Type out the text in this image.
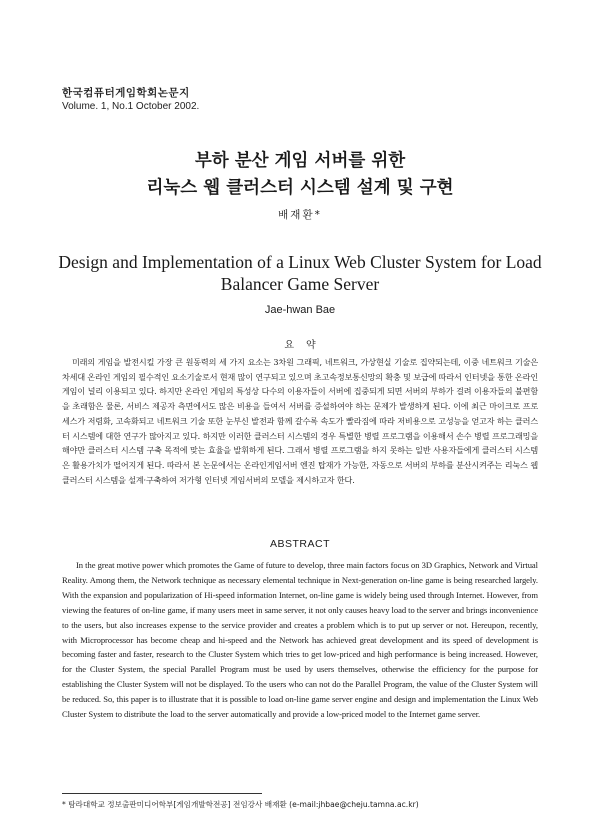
한국컴퓨터게임학회논문지
Volume. 1, No.1 October 2002.
부하 분산 게임 서버를 위한
리눅스 웹 클러스터 시스템 설계 및 구현
배재환*
Design and Implementation of a Linux Web Cluster System for Load
Balancer Game Server
Jae-hwan Bae
요약

미래의 게임을 발전시킬 가장 큰 원동력의 세 가지 요소는 3차원 그래픽, 네트워크, 가상현실 기술로 집약되는데, 이중 네트워크 기술은 차세대 온라인 게임의 필수적인 요소기술로서 현재 많이 연구되고 있으며 초고속정보통신망의 확충 및 보급에 따라서 인터넷을 통한 온라인 게임이 널리 이용되고 있다. 하지만 온라인 게임의 특성상 다수의 이용자들이 서버에 집중되게 되면 서버의 부하가 걸려 이용자들의 불편함을 초래함은 물론, 서비스 제공자 측면에서도 많은 비용을 들여서 서버를 증설하여야 하는 문제가 발생하게 된다. 이에 최근 마이크로 프로세스가 저렴화, 고속화되고 네트워크 기술 또한 눈부신 발전과 함께 갈수록 속도가 빨라짐에 따라 저비용으로 고성능을 얻고자 하는 클러스터 시스템에 대한 연구가 많아지고 있다. 하지만 이러한 클러스터 시스템의 경우 특별한 병렬 프로그램을 이용해서 손수 병렬 프로그래밍을 해야만 클러스터 시스템 구축 목적에 맞는 효율을 발휘하게 된다. 그래서 병렬 프로그램을 하지 못하는 일반 사용자들에게 클러스터 시스템은 활용가치가 떨어지게 된다. 따라서 본 논문에서는 온라인게임서버 엔진 탑재가 가능한, 자동으로 서버의 부하를 분산시켜주는 리눅스 웹 클러스터 시스템을 설계·구축하여 저가형 인터넷 게임서버의 모델을 제시하고자 한다.

ABSTRACT

In the great motive power which promotes the Game of future to develop, three main factors focus on 3D Graphics, Network and Virtual Reality. Among them, the Network technique as necessary elemental technique in Next-generation on-line game is being researched largely. With the expansion and popularization of Hi-speed information Internet, on-line game is widely being used through Internet. However, from viewing the features of on-line game, if many users meet in same server, it not only causes heavy load to the server and brings inconvenience to the users, but also increases expense to the service provider and creates a problem which is to put up server or not. Hereupon, recently, with Microprocessor has become cheap and hi-speed and the Network has achieved great development and its speed of development is becoming faster and faster, research to the Cluster System which tries to get low-priced and high performance is being increased. However, for the Cluster System, the special Parallel Program must be used by users themselves, otherwise the efficiency for the purpose for establishing the Cluster System will not be displayed. To the users who can not do the Parallel Program, the value of the Cluster System will be reduced. So, this paper is to illustrate that it is possible to load on-line game server engine and design and implementation the Linux Web Cluster System to distribute the load to the server automatically and provide a low-priced model to the Internet game server.

* 탐라대학교 정보출판미디어학부[게임개발학전공] 전임강사 배재환 (e-mail:jhbae@cheju.tamna.ac.kr)
